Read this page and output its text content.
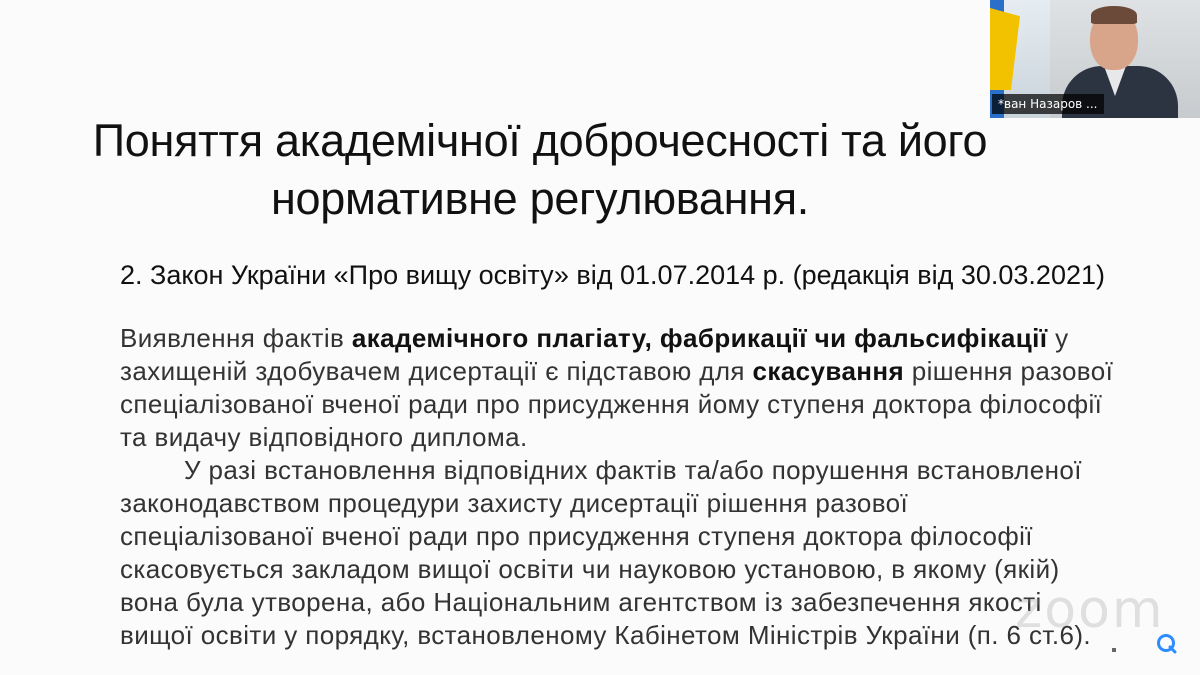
Поняття академічної доброчесності та його
нормативне регулювання.
2. Закон України «Про вищу освіту» від 01.07.2014 р. (редакція від 30.03.2021)
Виявлення фактів академічного плагіату, фабрикації чи фальсифікації у
захищеній здобувачем дисертації є підставою для скасування рішення разової
спеціалізованої вченої ради про присудження йому ступеня доктора філософії
та видачу відповідного диплома.
У разі встановлення відповідних фактів та/або порушення встановленої
законодавством процедури захисту дисертації рішення разової
спеціалізованої вченої ради про присудження ступеня доктора філософії
скасовується закладом вищої освіти чи науковою установою, в якому (якій)
вона була утворена, або Національним агентством із забезпечення якості
вищої освіти у порядку, встановленому Кабінетом Міністрів України (п. 6 ст.6).
zoom
*ван Назаров ...
